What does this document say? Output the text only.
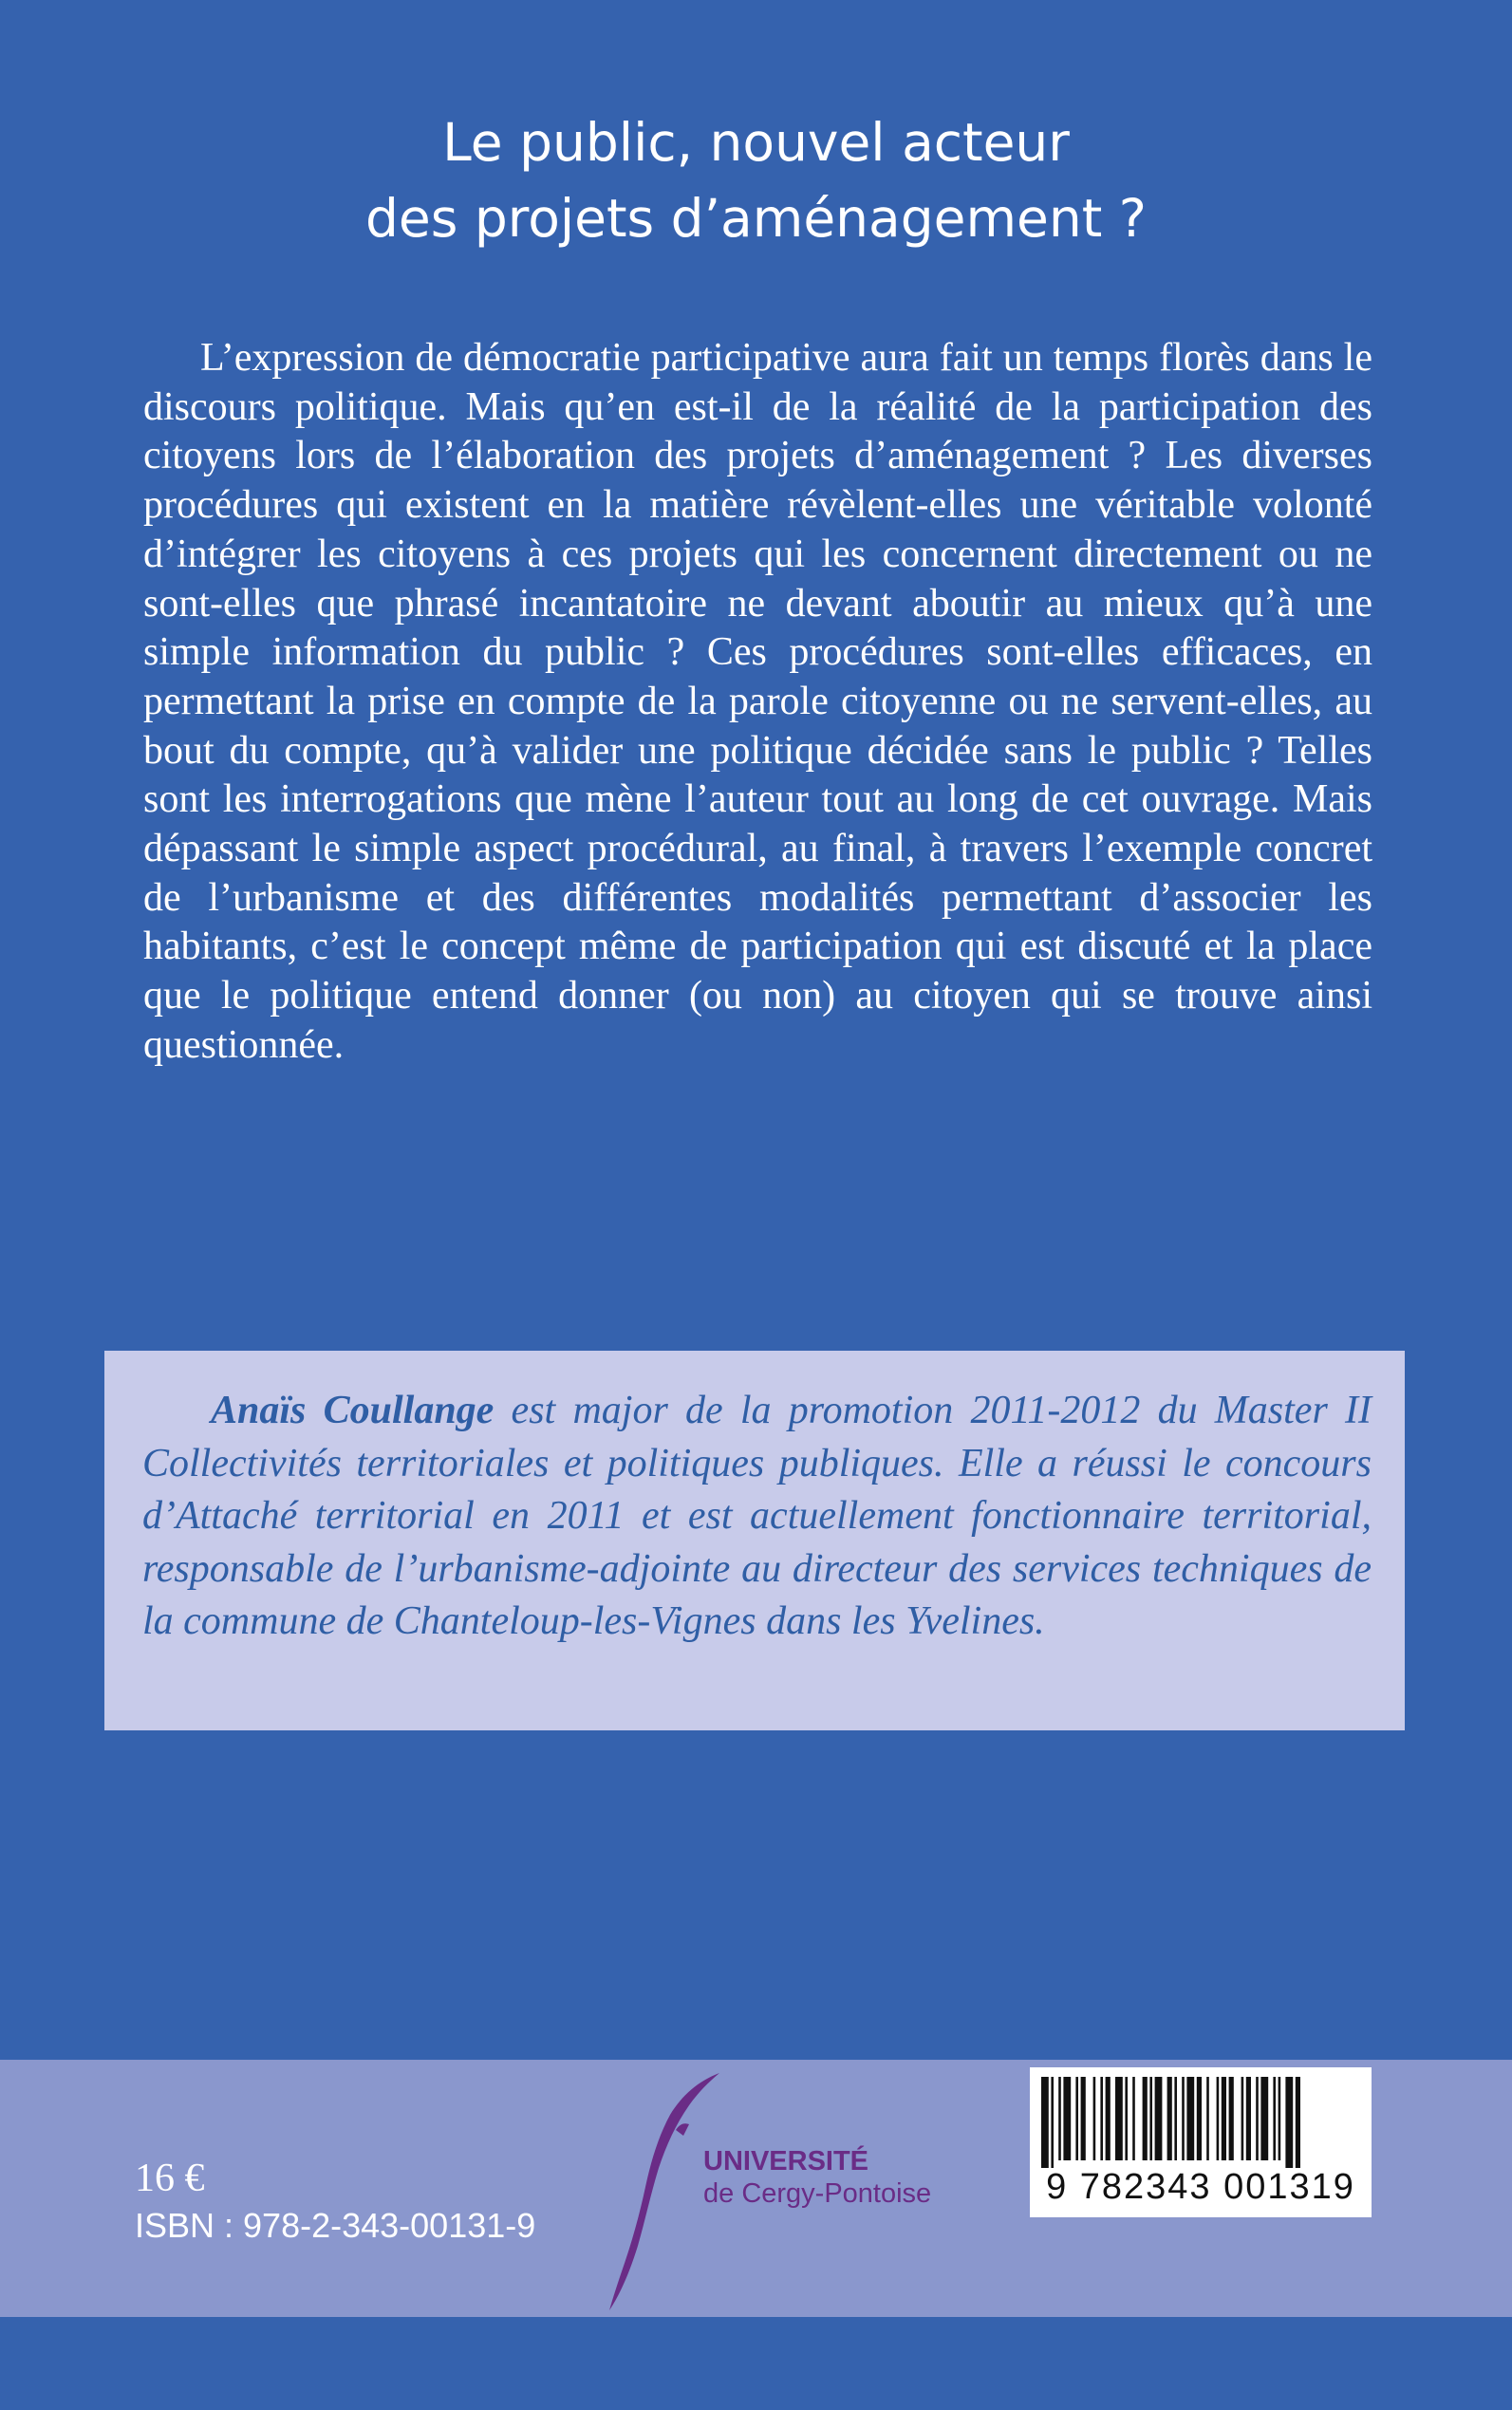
Le public, nouvel acteur
des projets d’aménagement ?

L’expression de démocratie participative aura fait un temps florès dans le discours politique. Mais qu’en est-il de la réalité de la participation des citoyens lors de l’élaboration des projets d’aménagement ? Les diverses procédures qui existent en la matière révèlent-elles une véritable volonté d’intégrer les citoyens à ces projets qui les concernent directement ou ne sont-elles que phrasé incantatoire ne devant aboutir au mieux qu’à une simple information du public ? Ces procédures sont-elles efficaces, en permettant la prise en compte de la parole citoyenne ou ne servent-elles, au bout du compte, qu’à valider une politique décidée sans le public ? Telles sont les interrogations que mène l’auteur tout au long de cet ouvrage. Mais dépassant le simple aspect procédural, au final, à travers l’exemple concret de l’urbanisme et des différentes modalités permettant d’associer les habitants, c’est le concept même de participation qui est discuté et la place que le politique entend donner (ou non) au citoyen qui se trouve ainsi questionnée.

Anaïs Coullange est major de la promotion 2011-2012 du Master II Collectivités territoriales et politiques publiques. Elle a réussi le concours d’Attaché territorial en 2011 et est actuellement fonctionnaire territorial, responsable de l’urbanisme-adjointe au directeur des services techniques de la commune de Chanteloup-les-Vignes dans les Yvelines.

16 €
ISBN : 978-2-343-00131-9
UNIVERSITÉ
de Cergy-Pontoise	9 782343 001319
